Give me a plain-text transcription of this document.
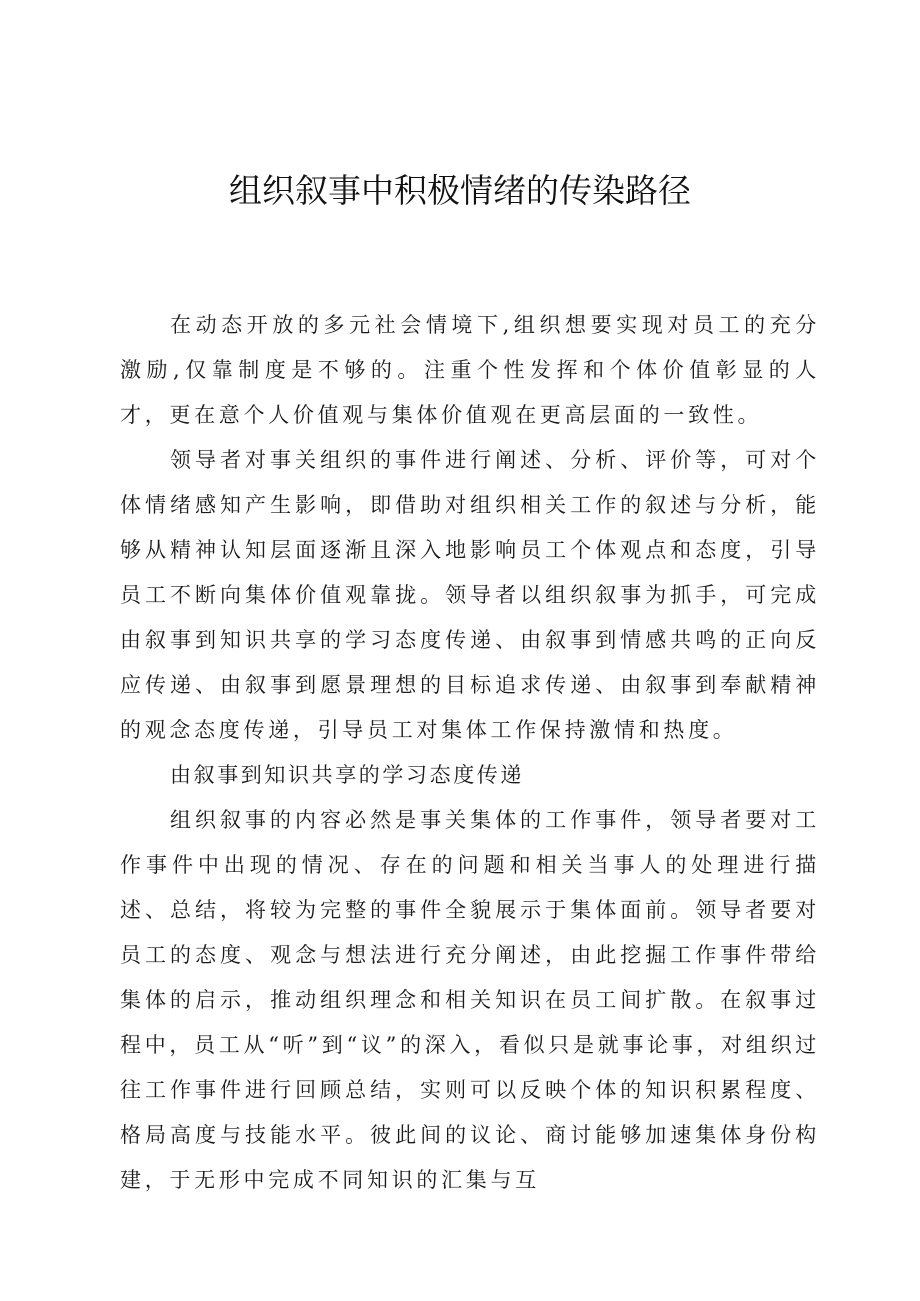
组织叙事中积极情绪的传染路径

在动态开放的多元社会情境下,组织想要实现对员工的充分激励,仅靠制度是不够的。注重个性发挥和个体价值彰显的人才，更在意个人价值观与集体价值观在更高层面的一致性。

领导者对事关组织的事件进行阐述、分析、评价等，可对个体情绪感知产生影响，即借助对组织相关工作的叙述与分析，能够从精神认知层面逐渐且深入地影响员工个体观点和态度，引导员工不断向集体价值观靠拢。领导者以组织叙事为抓手，可完成由叙事到知识共享的学习态度传递、由叙事到情感共鸣的正向反应传递、由叙事到愿景理想的目标追求传递、由叙事到奉献精神的观念态度传递，引导员工对集体工作保持激情和热度。

由叙事到知识共享的学习态度传递

组织叙事的内容必然是事关集体的工作事件，领导者要对工作事件中出现的情况、存在的问题和相关当事人的处理进行描述、总结，将较为完整的事件全貌展示于集体面前。领导者要对员工的态度、观念与想法进行充分阐述，由此挖掘工作事件带给集体的启示，推动组织理念和相关知识在员工间扩散。在叙事过程中，员工从“听”到“议”的深入，看似只是就事论事，对组织过往工作事件进行回顾总结，实则可以反映个体的知识积累程度、格局高度与技能水平。彼此间的议论、商讨能够加速集体身份构建，于无形中完成不同知识的汇集与互
